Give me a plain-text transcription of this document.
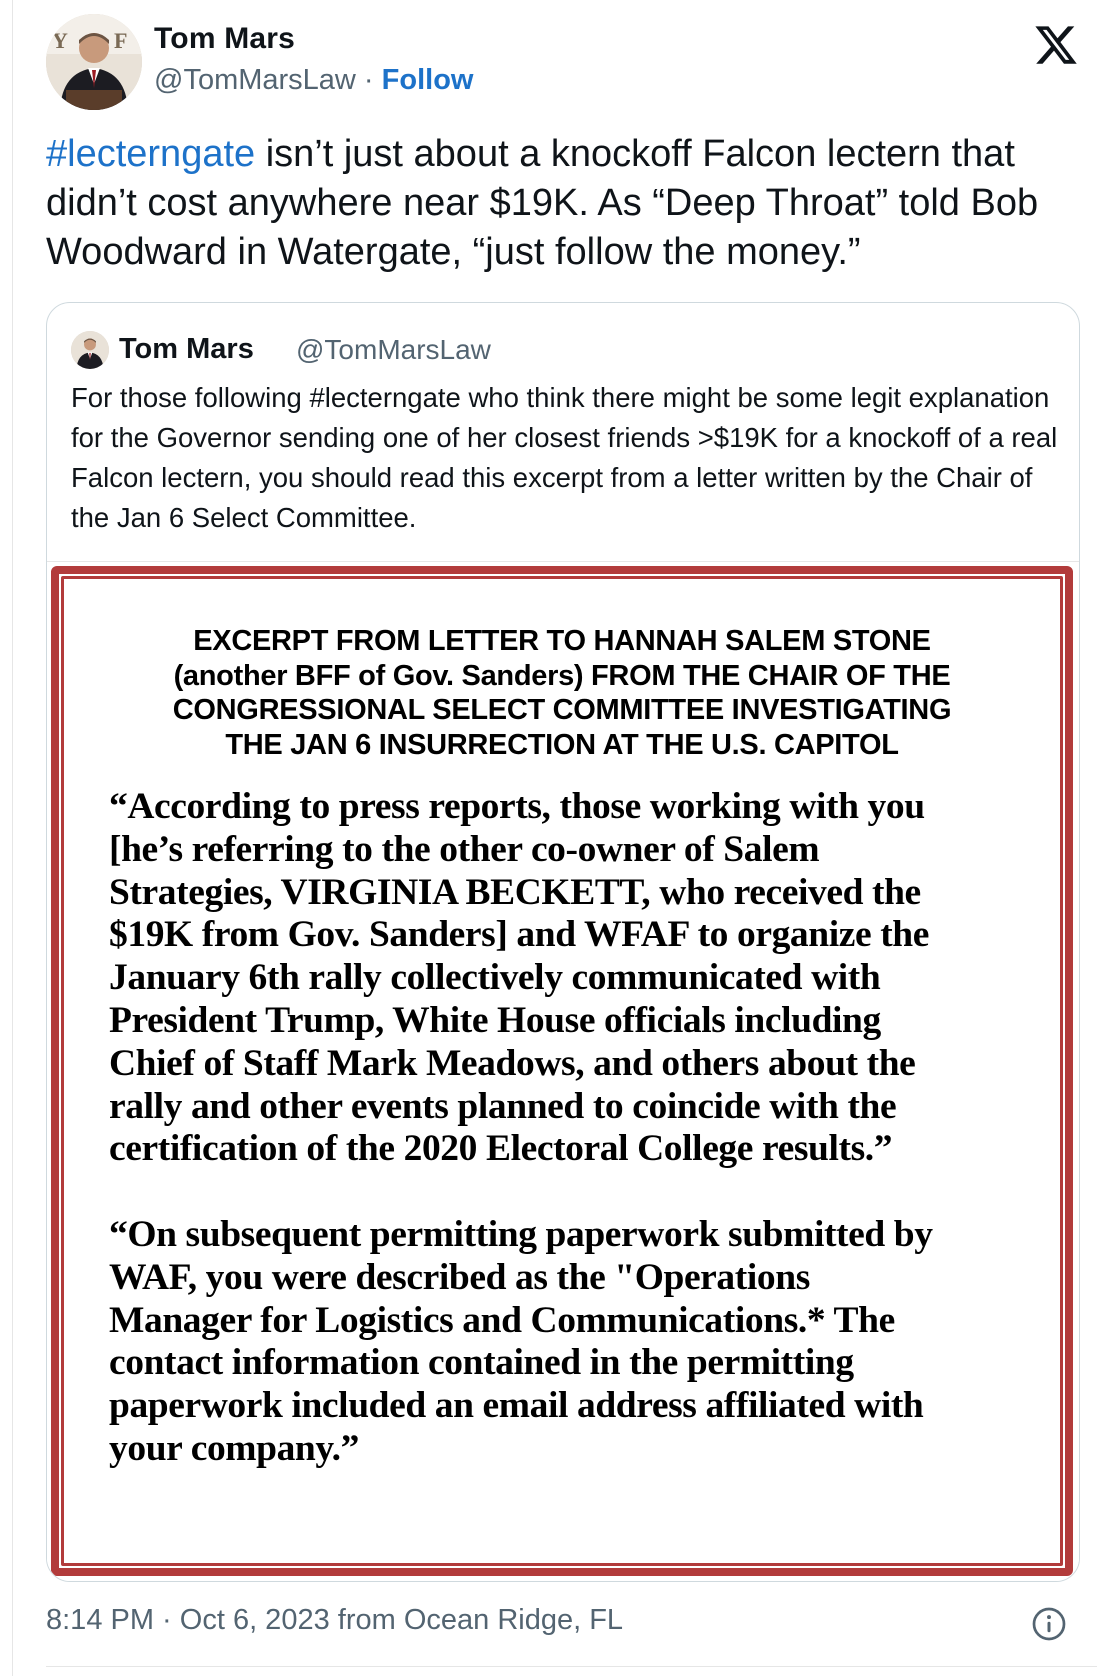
Y F Tom Mars
@TomMarsLaw · Follow

#lecterngate isn’t just about a knockoff Falcon lectern that didn’t cost anywhere near $19K. As “Deep Throat” told Bob Woodward in Watergate, “just follow the money.”

Tom Mars @TomMarsLaw

For those following #lecterngate who think there might be some legit explanation for the Governor sending one of her closest friends >$19K for a knockoff of a real Falcon lectern, you should read this excerpt from a letter written by the Chair of the Jan 6 Select Committee.

EXCERPT FROM LETTER TO HANNAH SALEM STONE
(another BFF of Gov. Sanders) FROM THE CHAIR OF THE
CONGRESSIONAL SELECT COMMITTEE INVESTIGATING
THE JAN 6 INSURRECTION AT THE U.S. CAPITOL

“According to press reports, those working with you
[he’s referring to the other co-owner of Salem
Strategies, VIRGINIA BECKETT, who received the
$19K from Gov. Sanders] and WFAF to organize the
January 6th rally collectively communicated with
President Trump, White House officials including
Chief of Staff Mark Meadows, and others about the
rally and other events planned to coincide with the
certification of the 2020 Electoral College results.”

“On subsequent permitting paperwork submitted by
WAF, you were described as the "Operations
Manager for Logistics and Communications.* The
contact information contained in the permitting
paperwork included an email address affiliated with
your company.”

8:14 PM · Oct 6, 2023 from Ocean Ridge, FL
